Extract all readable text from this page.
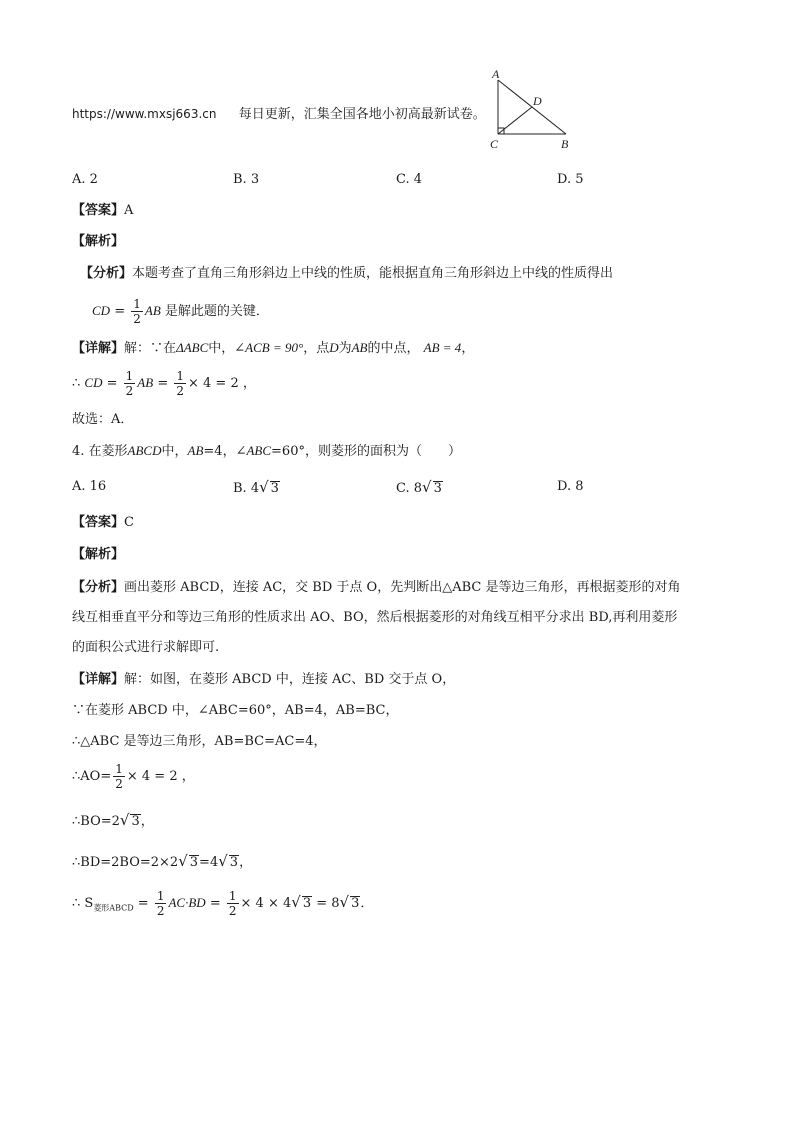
https://www.mxsj663.cn 每日更新，汇集全国各地小初高最新试卷。
A
D
C	B
A. 2	B. 3	C. 4	D. 5
【答案】A
【解析】
【分析】本题考查了直角三角形斜边上中线的性质，能根据直角三角形斜边上中线的性质得出
CD = $\frac{1}{2}$ AB 是解此题的关键．
【详解】解：∵在ΔABC中，∠ACB = 90°，点D为AB的中点， AB = 4，
∴ CD = $\frac{1}{2}$ AB = $\frac{1}{2} \times 4 = 2$ ，
故选：A．
4. 在菱形ABCD中，AB=4，∠ABC=60°，则菱形的面积为（　　）
A. 16	B. 4√ 3	C. 8√ 3	D. 8
【答案】C
【解析】
【分析】画出菱形 ABCD，连接 AC，交 BD 于点 O，先判断出△ABC 是等边三角形，再根据菱形的对角
线互相垂直平分和等边三角形的性质求出 AO、BO，然后根据菱形的对角线互相平分求出 BD,再利用菱形
的面积公式进行求解即可.
【详解】解：如图，在菱形 ABCD 中，连接 AC、BD 交于点 O，
∵在菱形 ABCD 中，∠ABC=60°，AB=4，AB=BC，
∴△ABC 是等边三角形，AB=BC=AC=4，
∴AO= $\frac{1}{2} \times 4 = 2$ ，
∴BO=2√ 3，
∴BD=2BO=2×2√ 3=4√ 3，
∴ $S_{菱形ABCD} = \frac{1}{2} AC\cdot BD = \frac{1}{2} \times 4 \times 4√$ 3 = 8√ 3．
